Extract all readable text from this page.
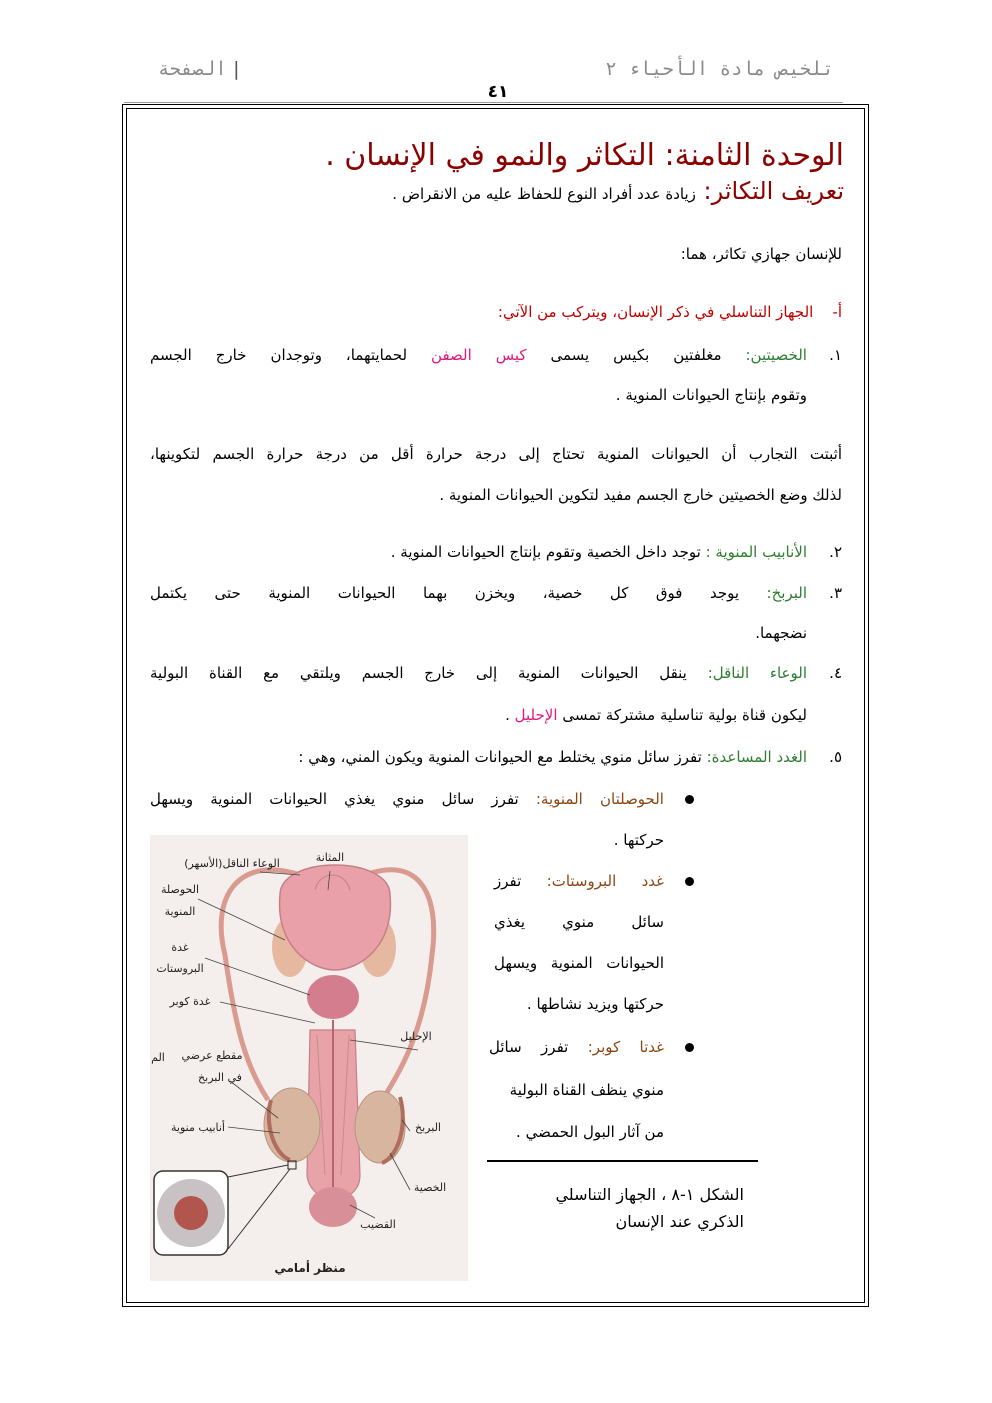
تلخيص مادة الأحياء ٢
|الصفحة
٤١
الوحدة الثامنة: التكاثر والنمو في الإنسان .
تعريف التكاثر: زيادة عدد أفراد النوع للحفاظ عليه من الانقراض .
للإنسان جهازي تكاثر، هما:
أ-    الجهاز التناسلي في ذكر الإنسان، ويتركب من الآتي:
١.
الخصيتين: مغلفتين بكيس يسمى كيس الصفن لحمايتهما، وتوجدان خارج الجسم
وتقوم بإنتاج الحيوانات المنوية .
أثبتت التجارب أن الحيوانات المنوية تحتاج إلى درجة حرارة أقل من درجة حرارة الجسم لتكوينها،
لذلك وضع الخصيتين خارج الجسم مفيد لتكوين الحيوانات المنوية .
٢.
الأنابيب المنوية : توجد داخل الخصية وتقوم بإنتاج الحيوانات المنوية .
٣.
البربخ: يوجد فوق كل خصية، ويخزن بهما الحيوانات المنوية حتى يكتمل
نضجهما.
٤.
الوعاء الناقل: ينقل الحيوانات المنوية إلى خارج الجسم ويلتقي مع القناة البولية
ليكون قناة بولية تناسلية مشتركة تمسى الإحليل .
٥.
الغدد المساعدة: تفرز سائل منوي يختلط مع الحيوانات المنوية ويكون المني، وهي :
الحوصلتان المنوية: تفرز سائل منوي يغذي الحيوانات المنوية ويسهل
حركتها .
غدد البروستات: تفرز
سائل منوي يغذي
الحيوانات المنوية ويسهل
حركتها ويزيد نشاطها .
غدتا كوبر: تفرز سائل
منوي ينظف القناة البولية
من آثار البول الحمضي .
الشكل ١-٨ ، الجهاز التناسلي
الذكري عند الإنسان
المثانة
الوعاء الناقل(الأسهر)
الحوصلة
المنوية
غدة
البروستات
غدة كوبر
الإحليل
مقطع عرضي
في البربخ
أنابيب منوية	البربخ
الخصية
القضيب
الم
منظر أمامي
